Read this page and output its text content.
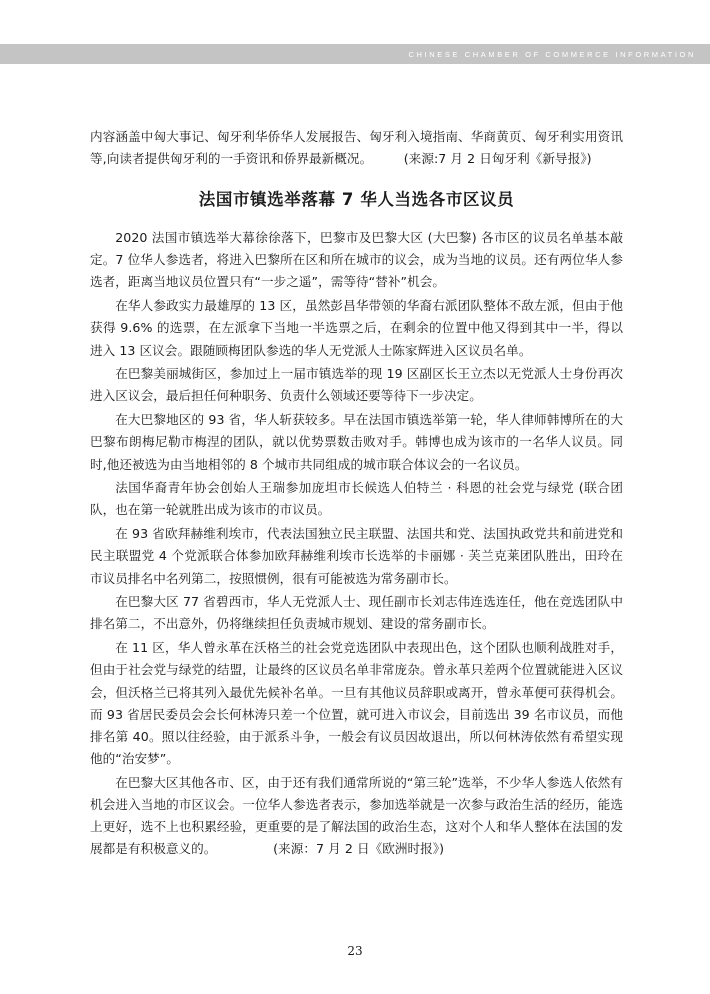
CHINESE CHAMBER OF COMMERCE INFORMATION

内容涵盖中匈大事记、匈牙利华侨华人发展报告、匈牙利入境指南、华商黄页、匈牙利实用资讯等,向读者提供匈牙利的一手资讯和侨界最新概况。	(来源:7 月 2 日匈牙利《新导报》)

法国市镇选举落幕 7 华人当选各市区议员

2020 法国市镇选举大幕徐徐落下，巴黎市及巴黎大区 (大巴黎) 各市区的议员名单基本敲定。7 位华人参选者，将进入巴黎所在区和所在城市的议会，成为当地的议员。还有两位华人参选者，距离当地议员位置只有“一步之遥”，需等待“替补”机会。

在华人参政实力最雄厚的 13 区，虽然彭昌华带领的华裔右派团队整体不敌左派，但由于他获得 9.6% 的选票，在左派拿下当地一半选票之后，在剩余的位置中他又得到其中一半，得以进入 13 区议会。跟随顾梅团队参选的华人无党派人士陈家辉进入区议员名单。

在巴黎美丽城街区，参加过上一届市镇选举的现 19 区副区长王立杰以无党派人士身份再次进入区议会，最后担任何种职务、负责什么领域还要等待下一步决定。

在大巴黎地区的 93 省，华人斩获较多。早在法国市镇选举第一轮，华人律师韩博所在的大巴黎布朗梅尼勒市梅涅的团队，就以优势票数击败对手。韩博也成为该市的一名华人议员。同时,他还被选为由当地相邻的 8 个城市共同组成的城市联合体议会的一名议员。

法国华裔青年协会创始人王瑞参加庞坦市长候选人伯特兰 · 科恩的社会党与绿党 (联合团队，也在第一轮就胜出成为该市的市议员。

在 93 省欧拜赫维利埃市，代表法国独立民主联盟、法国共和党、法国执政党共和前进党和民主联盟党 4 个党派联合体参加欧拜赫维利埃市长选举的卡丽娜 · 芙兰克莱团队胜出，田玲在市议员排名中名列第二，按照惯例，很有可能被选为常务副市长。

在巴黎大区 77 省碧西市，华人无党派人士、现任副市长刘志伟连选连任，他在竞选团队中排名第二，不出意外，仍将继续担任负责城市规划、建设的常务副市长。

在 11 区，华人曾永革在沃格兰的社会党竞选团队中表现出色，这个团队也顺利战胜对手，但由于社会党与绿党的结盟，让最终的区议员名单非常庞杂。曾永革只差两个位置就能进入区议会，但沃格兰已将其列入最优先候补名单。一旦有其他议员辞职或离开，曾永革便可获得机会。而 93 省居民委员会会长何林涛只差一个位置，就可进入市议会，目前选出 39 名市议员，而他排名第 40。照以往经验，由于派系斗争，一般会有议员因故退出，所以何林涛依然有希望实现他的“治安梦”。

在巴黎大区其他各市、区，由于还有我们通常所说的“第三轮”选举，不少华人参选人依然有机会进入当地的市区议会。一位华人参选者表示，参加选举就是一次参与政治生活的经历，能选上更好，选不上也积累经验，更重要的是了解法国的政治生态，这对个人和华人整体在法国的发展都是有积极意义的。	(来源：7 月 2 日《欧洲时报》)

23
